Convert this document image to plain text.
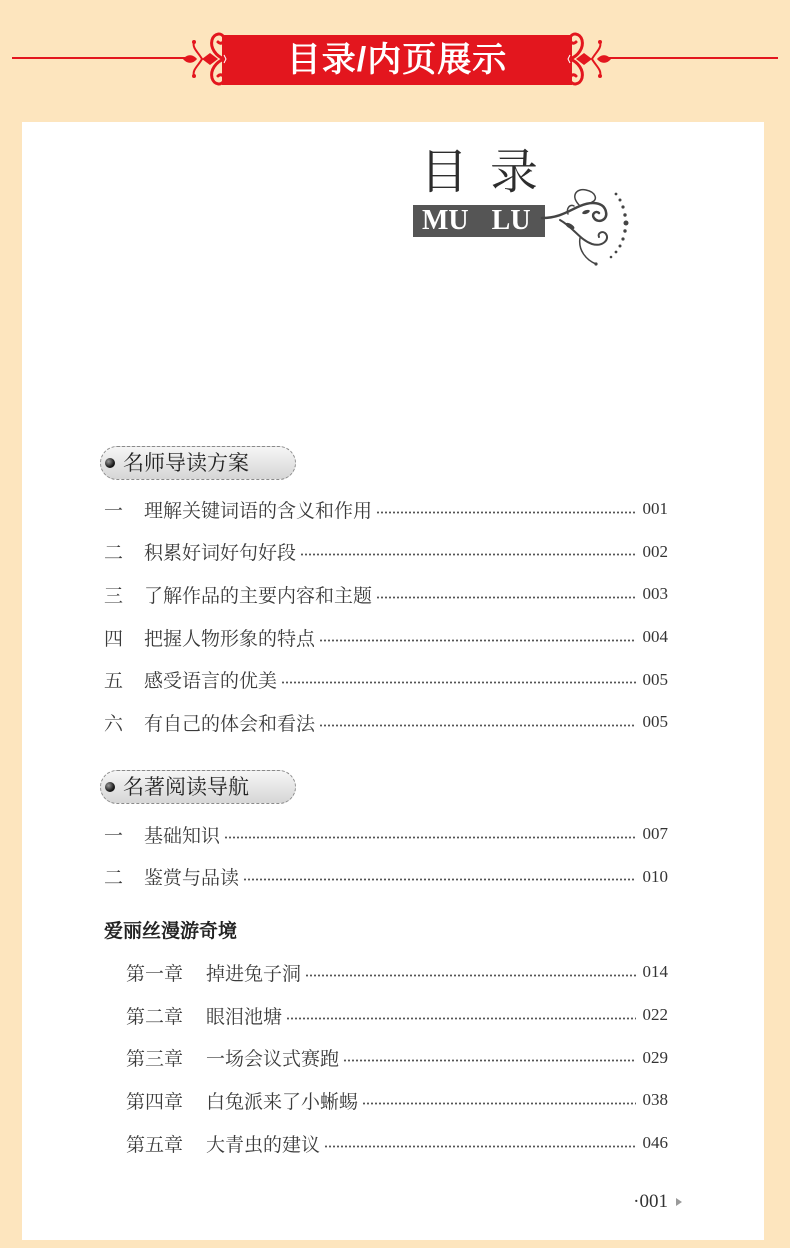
目录/内页展示
目录
MU LU
名师导读方案
一	理解关键词语的含义和作用	001
二	积累好词好句好段	002
三	了解作品的主要内容和主题	003
四	把握人物形象的特点	004
五	感受语言的优美	005
六	有自己的体会和看法	005
名著阅读导航
一	基础知识	007
二	鉴赏与品读	010
爱丽丝漫游奇境
第一章	掉进兔子洞	014
第二章	眼泪池塘	022
第三章	一场会议式赛跑	029
第四章	白兔派来了小蜥蜴	038
第五章	大青虫的建议	046
·001
